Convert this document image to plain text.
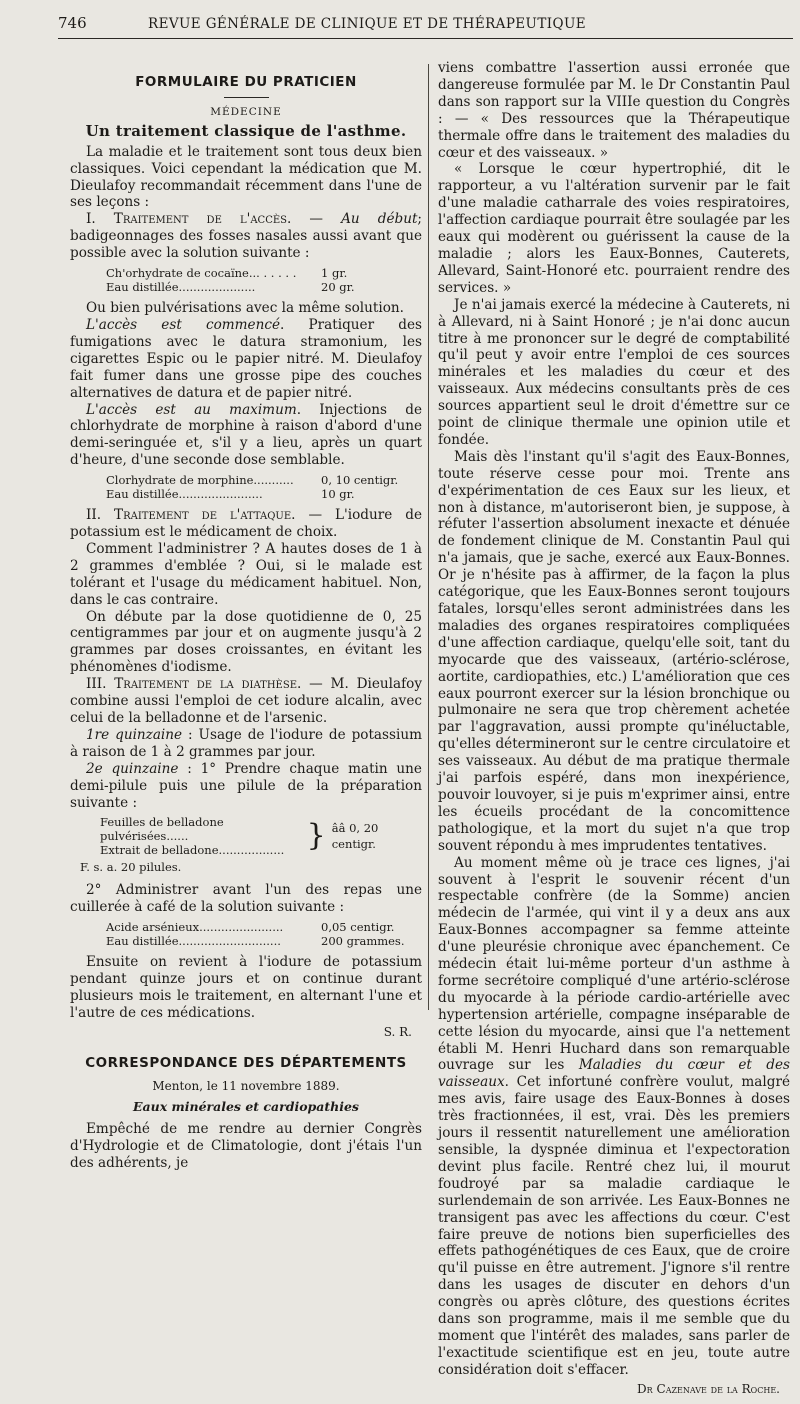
746	REVUE GÉNÉRALE DE CLINIQUE ET DE THÉRAPEUTIQUE
FORMULAIRE DU PRATICIEN
MÉDECINE
Un traitement classique de l'asthme.

La maladie et le traitement sont tous deux bien classiques. Voici cependant la médication que M. Dieulafoy recommandait récemment dans l'une de ses leçons :

I. Traitement de l'accès. — Au début; badigeonnages des fosses nasales aussi avant que possible avec la solution suivante :

Ch'orhydrate de cocaïne... . . . . .	1 gr.
Eau distillée.....................	20 gr.

Ou bien pulvérisations avec la même solution.

L'accès est commencé. Pratiquer des fumigations avec le datura stramonium, les cigarettes Espic ou le papier nitré. M. Dieulafoy fait fumer dans une grosse pipe des couches alternatives de datura et de papier nitré.

L'accès est au maximum. Injections de chlorhydrate de morphine à raison d'abord d'une demi-seringuée et, s'il y a lieu, après un quart d'heure, d'une seconde dose semblable.

Clorhydrate de morphine...........	0, 10 centigr.
Eau distillée.......................	10 gr.

II. Traitement de l'attaque. — L'iodure de potassium est le médicament de choix.

Comment l'administrer ? A hautes doses de 1 à 2 grammes d'emblée ? Oui, si le malade est tolérant et l'usage du médicament habituel. Non, dans le cas contraire.

On débute par la dose quotidienne de 0, 25 centigrammes par jour et on augmente jusqu'à 2 grammes par doses croissantes, en évitant les phénomènes d'iodisme.

III. Traitement de la diathèse. — M. Dieulafoy combine aussi l'emploi de cet iodure alcalin, avec celui de la belladonne et de l'arsenic.

1re quinzaine : Usage de l'iodure de potassium à raison de 1 à 2 grammes par jour.

2e quinzaine : 1° Prendre chaque matin une demi-pilule puis une pilule de la préparation suivante :

Feuilles de belladone pulvérisées......
Extrait de belladone.................. } ââ 0, 20 centigr.
F. s. a. 20 pilules.

2° Administrer avant l'un des repas une cuillerée à café de la solution suivante :

Acide arsénieux.......................	0,05 centigr.
Eau distillée............................	200 grammes.

Ensuite on revient à l'iodure de potassium pendant quinze jours et on continue durant plusieurs mois le traitement, en alternant l'une et l'autre de ces médications.

S. R.
CORRESPONDANCE DES DÉPARTEMENTS
Menton, le 11 novembre 1889.
Eaux minérales et cardiopathies

Empêché de me rendre au dernier Congrès d'Hydrologie et de Climatologie, dont j'étais l'un des adhérents, je

viens combattre l'assertion aussi erronée que dangereuse formulée par M. le Dr Constantin Paul dans son rapport sur la VIIIe question du Congrès : — « Des ressources que la Thérapeutique thermale offre dans le traitement des maladies du cœur et des vaisseaux. »

« Lorsque le cœur hypertrophié, dit le rapporteur, a vu l'altération survenir par le fait d'une maladie catharrale des voies respiratoires, l'affection cardiaque pourrait être soulagée par les eaux qui modèrent ou guérissent la cause de la maladie ; alors les Eaux-Bonnes, Cauterets, Allevard, Saint-Honoré etc. pourraient rendre des services. »

Je n'ai jamais exercé la médecine à Cauterets, ni à Allevard, ni à Saint Honoré ; je n'ai donc aucun titre à me prononcer sur le degré de comptabilité qu'il peut y avoir entre l'emploi de ces sources minérales et les maladies du cœur et des vaisseaux. Aux médecins consultants près de ces sources appartient seul le droit d'émettre sur ce point de clinique thermale une opinion utile et fondée.

Mais dès l'instant qu'il s'agit des Eaux-Bonnes, toute réserve cesse pour moi. Trente ans d'expérimentation de ces Eaux sur les lieux, et non à distance, m'autoriseront bien, je suppose, à réfuter l'assertion absolument inexacte et dénuée de fondement clinique de M. Constantin Paul qui n'a jamais, que je sache, exercé aux Eaux-Bonnes. Or je n'hésite pas à affirmer, de la façon la plus catégorique, que les Eaux-Bonnes seront toujours fatales, lorsqu'elles seront administrées dans les maladies des organes respiratoires compliquées d'une affection cardiaque, quelqu'elle soit, tant du myocarde que des vaisseaux, (artério-sclérose, aortite, cardiopathies, etc.) L'amélioration que ces eaux pourront exercer sur la lésion bronchique ou pulmonaire ne sera que trop chèrement achetée par l'aggravation, aussi prompte qu'inéluctable, qu'elles détermineront sur le centre circulatoire et ses vaisseaux. Au début de ma pratique thermale j'ai parfois espéré, dans mon inexpérience, pouvoir louvoyer, si je puis m'exprimer ainsi, entre les écueils procédant de la concomittence pathologique, et la mort du sujet n'a que trop souvent répondu à mes imprudentes tentatives.

Au moment même où je trace ces lignes, j'ai souvent à l'esprit le souvenir récent d'un respectable confrère (de la Somme) ancien médecin de l'armée, qui vint il y a deux ans aux Eaux-Bonnes accompagner sa femme atteinte d'une pleurésie chronique avec épanchement. Ce médecin était lui-même porteur d'un asthme à forme secrétoire compliqué d'une artério-sclérose du myocarde à la période cardio-artérielle avec hypertension artérielle, compagne inséparable de cette lésion du myocarde, ainsi que l'a nettement établi M. Henri Huchard dans son remarquable ouvrage sur les Maladies du cœur et des vaisseaux. Cet infortuné confrère voulut, malgré mes avis, faire usage des Eaux-Bonnes à doses très fractionnées, il est, vrai. Dès les premiers jours il ressentit naturellement une amélioration sensible, la dyspnée diminua et l'expectoration devint plus facile. Rentré chez lui, il mourut foudroyé par sa maladie cardiaque le surlendemain de son arrivée. Les Eaux-Bonnes ne transigent pas avec les affections du cœur. C'est faire preuve de notions bien superficielles des effets pathogénétiques de ces Eaux, que de croire qu'il puisse en être autrement. J'ignore s'il rentre dans les usages de discuter en dehors d'un congrès ou après clôture, des questions écrites dans son programme, mais il me semble que du moment que l'intérêt des malades, sans parler de l'exactitude scientifique est en jeu, toute autre considération doit s'effacer.

Dr Cazenave de la Roche.
